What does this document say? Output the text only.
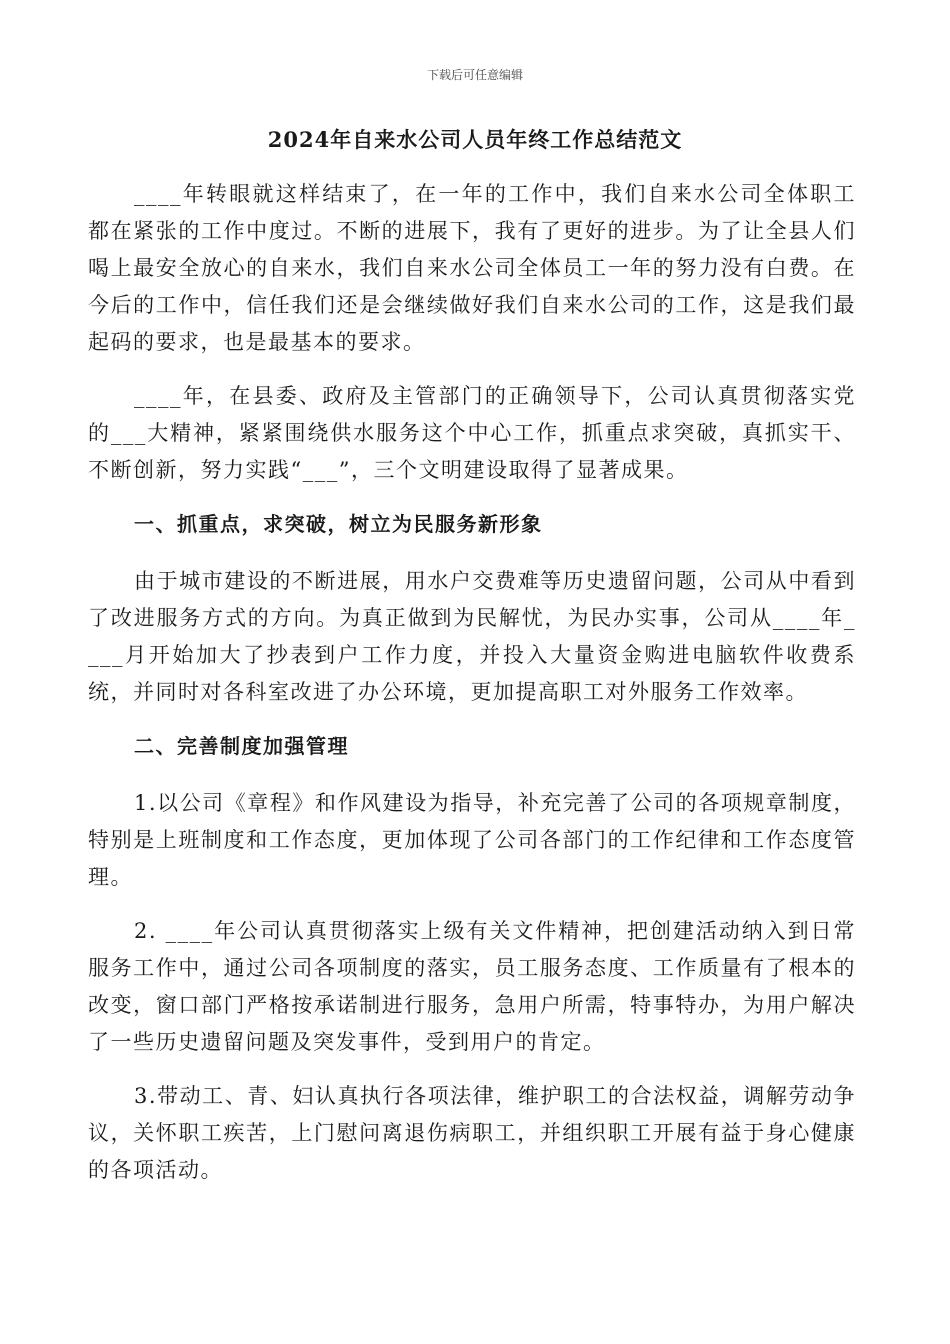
下载后可任意编辑
2024年自来水公司人员年终工作总结范文

____年转眼就这样结束了，在一年的工作中，我们自来水公司全体职工都在紧张的工作中度过。不断的进展下，我有了更好的进步。为了让全县人们喝上最安全放心的自来水，我们自来水公司全体员工一年的努力没有白费。在今后的工作中，信任我们还是会继续做好我们自来水公司的工作，这是我们最起码的要求，也是最基本的要求。

____年，在县委、政府及主管部门的正确领导下，公司认真贯彻落实党的___大精神，紧紧围绕供水服务这个中心工作，抓重点求突破，真抓实干、不断创新，努力实践“___”，三个文明建设取得了显著成果。

一、抓重点，求突破，树立为民服务新形象

由于城市建设的不断进展，用水户交费难等历史遗留问题，公司从中看到了改进服务方式的方向。为真正做到为民解忧，为民办实事，公司从____年____月开始加大了抄表到户工作力度，并投入大量资金购进电脑软件收费系统，并同时对各科室改进了办公环境，更加提高职工对外服务工作效率。

二、完善制度加强管理

1.以公司《章程》和作风建设为指导，补充完善了公司的各项规章制度，特别是上班制度和工作态度，更加体现了公司各部门的工作纪律和工作态度管理。

2. ____年公司认真贯彻落实上级有关文件精神，把创建活动纳入到日常服务工作中，通过公司各项制度的落实，员工服务态度、工作质量有了根本的改变，窗口部门严格按承诺制进行服务，急用户所需，特事特办，为用户解决了一些历史遗留问题及突发事件，受到用户的肯定。

3.带动工、青、妇认真执行各项法律，维护职工的合法权益，调解劳动争议，关怀职工疾苦，上门慰问离退伤病职工，并组织职工开展有益于身心健康的各项活动。
